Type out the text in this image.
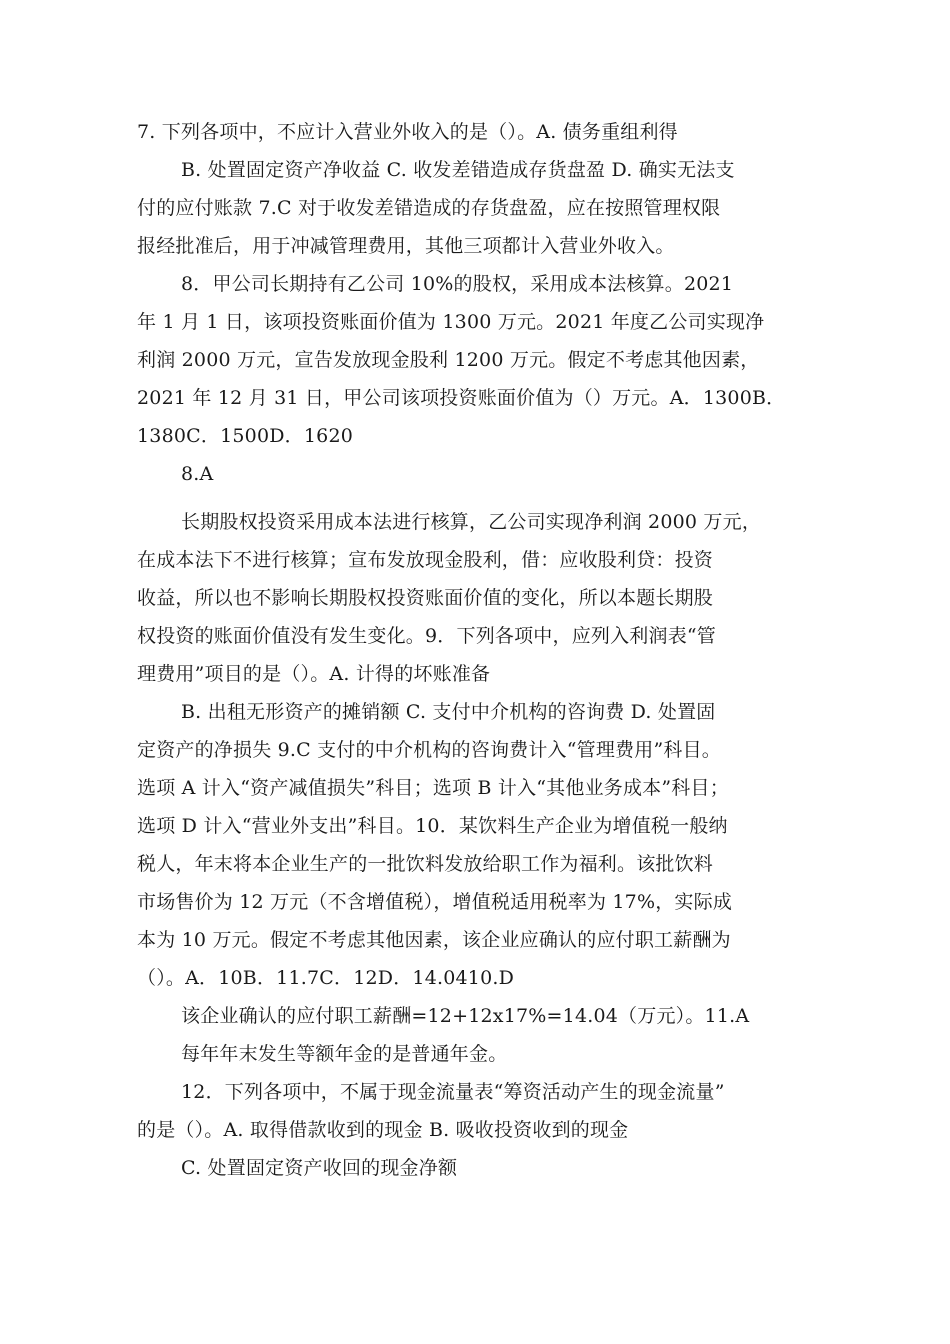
7. 下列各项中，不应计入营业外收入的是（）。A. 债务重组利得
B. 处置固定资产净收益 C. 收发差错造成存货盘盈 D. 确实无法支
付的应付账款 7.C 对于收发差错造成的存货盘盈，应在按照管理权限
报经批准后，用于冲减管理费用，其他三项都计入营业外收入。
8．甲公司长期持有乙公司 10%的股权，采用成本法核算。2021
年 1 月 1 日，该项投资账面价值为 1300 万元。2021 年度乙公司实现净
利润 2000 万元，宣告发放现金股利 1200 万元。假定不考虑其他因素，
2021 年 12 月 31 日，甲公司该项投资账面价值为（）万元。A．1300B．
1380C．1500D．1620
8.A
长期股权投资采用成本法进行核算，乙公司实现净利润 2000 万元，
在成本法下不进行核算；宣布发放现金股利，借：应收股利贷：投资
收益，所以也不影响长期股权投资账面价值的变化，所以本题长期股
权投资的账面价值没有发生变化。9．下列各项中，应列入利润表“管
理费用”项目的是（）。A. 计得的坏账准备
B. 出租无形资产的摊销额 C. 支付中介机构的咨询费 D. 处置固
定资产的净损失 9.C 支付的中介机构的咨询费计入“管理费用”科目。
选项 A 计入“资产减值损失”科目；选项 B 计入“其他业务成本”科目；
选项 D 计入“营业外支出”科目。10．某饮料生产企业为增值税一般纳
税人，年末将本企业生产的一批饮料发放给职工作为福利。该批饮料
市场售价为 12 万元（不含增值税），增值税适用税率为 17%，实际成
本为 10 万元。假定不考虑其他因素，该企业应确认的应付职工薪酬为
（）。A．10B．11.7C．12D．14.0410.D
该企业确认的应付职工薪酬=12+12x17%=14.04（万元）。11.A
每年年末发生等额年金的是普通年金。
12．下列各项中，不属于现金流量表“筹资活动产生的现金流量”
的是（）。A. 取得借款收到的现金 B. 吸收投资收到的现金
C. 处置固定资产收回的现金净额
